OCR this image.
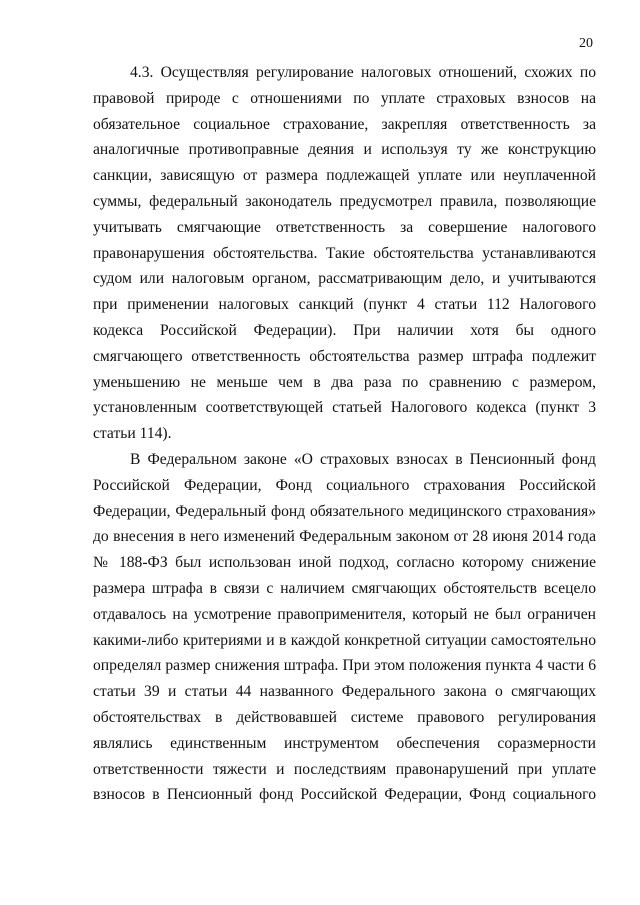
20
4.3. Осуществляя регулирование налоговых отношений, схожих по
правовой природе с отношениями по уплате страховых взносов на
обязательное социальное страхование, закрепляя ответственность за
аналогичные противоправные деяния и используя ту же конструкцию
санкции, зависящую от размера подлежащей уплате или неуплаченной
суммы, федеральный законодатель предусмотрел правила, позволяющие
учитывать смягчающие ответственность за совершение налогового
правонарушения обстоятельства. Такие обстоятельства устанавливаются
судом или налоговым органом, рассматривающим дело, и учитываются
при применении налоговых санкций (пункт 4 статьи 112 Налогового
кодекса Российской Федерации). При наличии хотя бы одного
смягчающего ответственность обстоятельства размер штрафа подлежит
уменьшению не меньше чем в два раза по сравнению с размером,
установленным соответствующей статьей Налогового кодекса (пункт 3
статьи 114).
В Федеральном законе «О страховых взносах в Пенсионный фонд
Российской Федерации, Фонд социального страхования Российской
Федерации, Федеральный фонд обязательного медицинского страхования»
до внесения в него изменений Федеральным законом от 28 июня 2014 года
№ 188-ФЗ был использован иной подход, согласно которому снижение
размера штрафа в связи с наличием смягчающих обстоятельств всецело
отдавалось на усмотрение правоприменителя, который не был ограничен
какими-либо критериями и в каждой конкретной ситуации самостоятельно
определял размер снижения штрафа. При этом положения пункта 4 части 6
статьи 39 и статьи 44 названного Федерального закона о смягчающих
обстоятельствах в действовавшей системе правового регулирования
являлись единственным инструментом обеспечения соразмерности
ответственности тяжести и последствиям правонарушений при уплате
взносов в Пенсионный фонд Российской Федерации, Фонд социального
